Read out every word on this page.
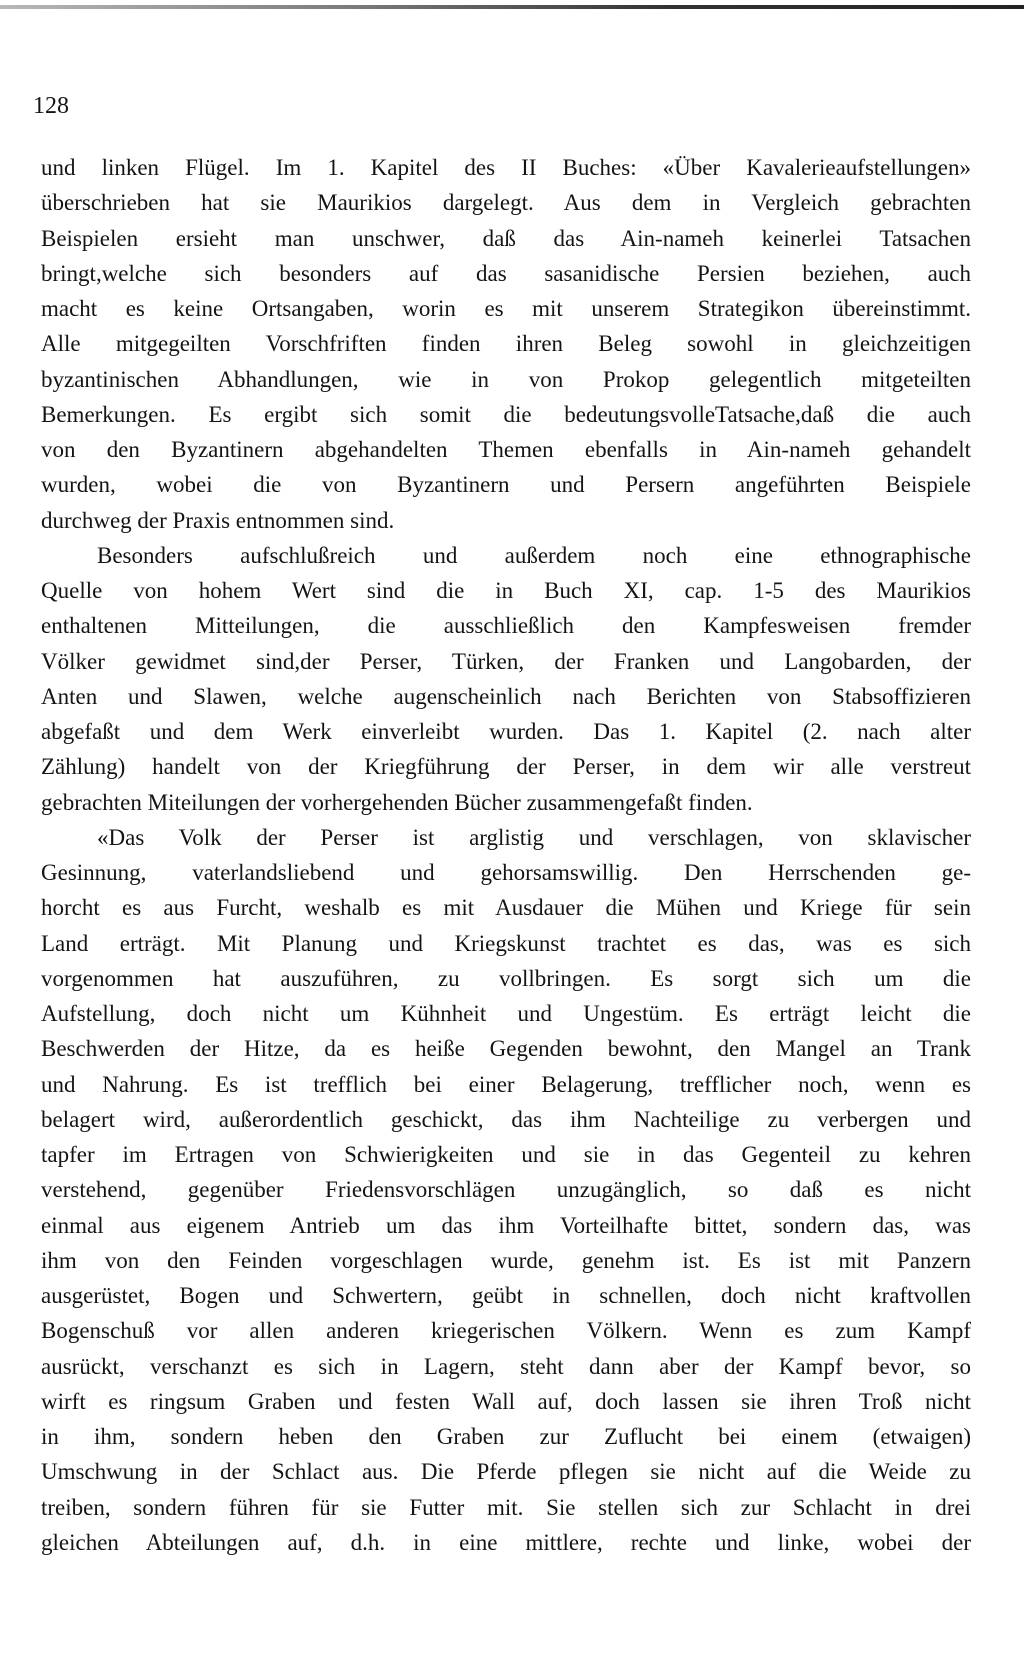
128
und linken Flügel. Im 1. Kapitel des II Buches: «Über Kavalerieaufstellungen»
überschrieben hat sie Maurikios dargelegt. Aus dem in Vergleich gebrachten
Beispielen ersieht man unschwer, daß das Ain-nameh keinerlei Tatsachen
bringt,welche sich besonders auf das sasanidische Persien beziehen, auch
macht es keine Ortsangaben, worin es mit unserem Strategikon übereinstimmt.
Alle mitgegeilten Vorschfriften finden ihren Beleg sowohl in gleichzeitigen
byzantinischen Abhandlungen, wie in von Prokop gelegentlich mitgeteilten
Bemerkungen. Es ergibt sich somit die bedeutungsvolleTatsache,daß die auch
von den Byzantinern abgehandelten Themen ebenfalls in Ain-nameh gehandelt
wurden, wobei die von Byzantinern und Persern angeführten Beispiele
durchweg der Praxis entnommen sind.
Besonders aufschlußreich und außerdem noch eine ethnographische
Quelle von hohem Wert sind die in Buch XI, cap. 1-5 des Maurikios
enthaltenen Mitteilungen, die ausschließlich den Kampfesweisen fremder
Völker gewidmet sind,der Perser, Türken, der Franken und Langobarden, der
Anten und Slawen, welche augenscheinlich nach Berichten von Stabsoffizieren
abgefaßt und dem Werk einverleibt wurden. Das 1. Kapitel (2. nach alter
Zählung) handelt von der Kriegführung der Perser, in dem wir alle verstreut
gebrachten Miteilungen der vorhergehenden Bücher zusammengefaßt finden.
«Das Volk der Perser ist arglistig und verschlagen, von sklavischer
Gesinnung, vaterlandsliebend und gehorsamswillig. Den Herrschenden ge-
horcht es aus Furcht, weshalb es mit Ausdauer die Mühen und Kriege für sein
Land erträgt. Mit Planung und Kriegskunst trachtet es das, was es sich
vorgenommen hat auszuführen, zu vollbringen. Es sorgt sich um die
Aufstellung, doch nicht um Kühnheit und Ungestüm. Es erträgt leicht die
Beschwerden der Hitze, da es heiße Gegenden bewohnt, den Mangel an Trank
und Nahrung. Es ist trefflich bei einer Belagerung, trefflicher noch, wenn es
belagert wird, außerordentlich geschickt, das ihm Nachteilige zu verbergen und
tapfer im Ertragen von Schwierigkeiten und sie in das Gegenteil zu kehren
verstehend, gegenüber Friedensvorschlägen unzugänglich, so daß es nicht
einmal aus eigenem Antrieb um das ihm Vorteilhafte bittet, sondern das, was
ihm von den Feinden vorgeschlagen wurde, genehm ist. Es ist mit Panzern
ausgerüstet, Bogen und Schwertern, geübt in schnellen, doch nicht kraftvollen
Bogenschuß vor allen anderen kriegerischen Völkern. Wenn es zum Kampf
ausrückt, verschanzt es sich in Lagern, steht dann aber der Kampf bevor, so
wirft es ringsum Graben und festen Wall auf, doch lassen sie ihren Troß nicht
in ihm, sondern heben den Graben zur Zuflucht bei einem (etwaigen)
Umschwung in der Schlact aus. Die Pferde pflegen sie nicht auf die Weide zu
treiben, sondern führen für sie Futter mit. Sie stellen sich zur Schlacht in drei
gleichen Abteilungen auf, d.h. in eine mittlere, rechte und linke, wobei der
